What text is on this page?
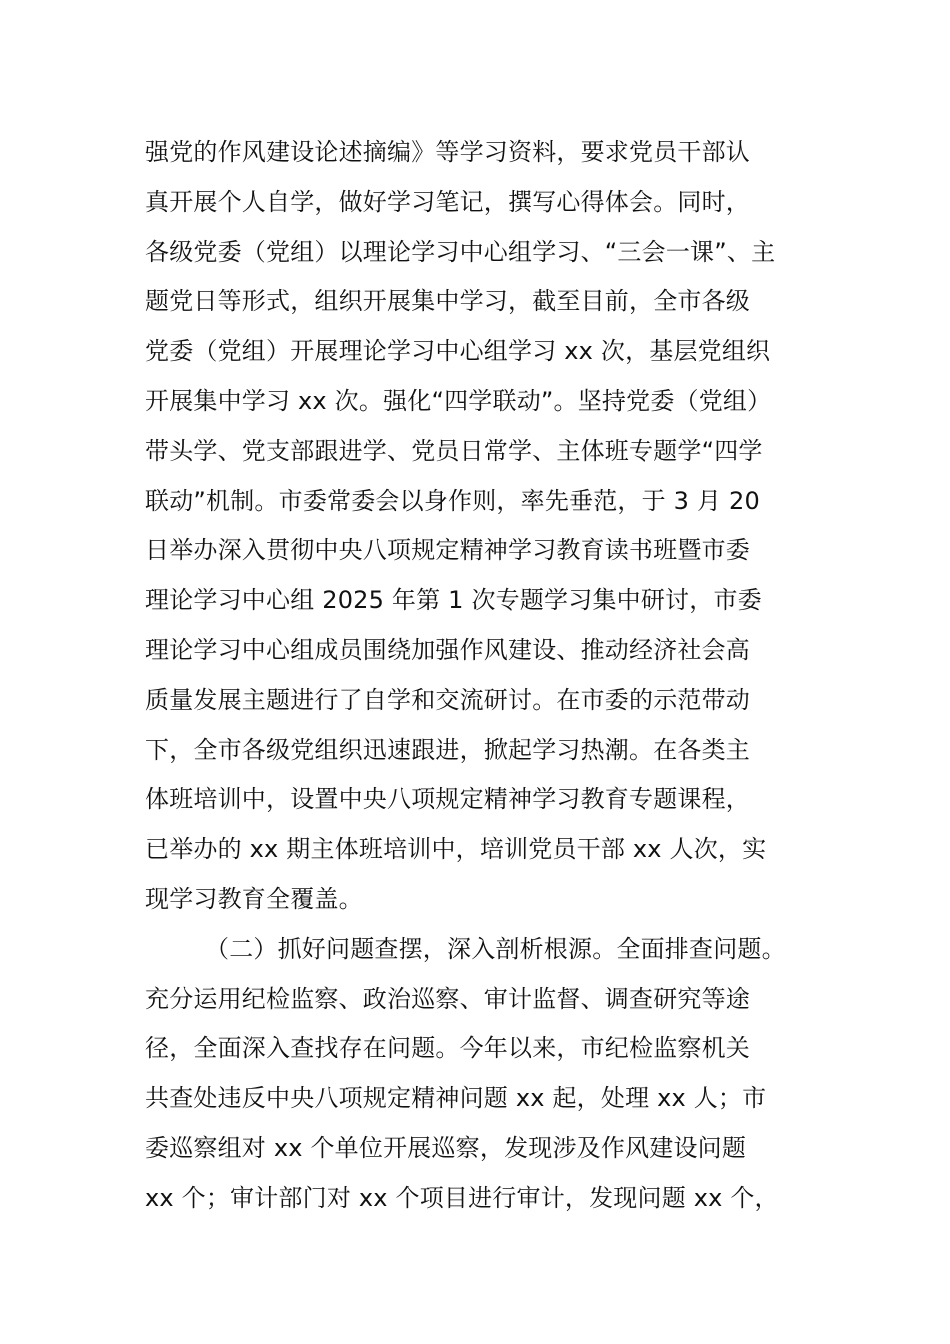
强党的作风建设论述摘编》等学习资料，要求党员干部认
真开展个人自学，做好学习笔记，撰写心得体会。同时，
各级党委（党组）以理论学习中心组学习、“三会一课”、主
题党日等形式，组织开展集中学习，截至目前，全市各级
党委（党组）开展理论学习中心组学习 xx 次，基层党组织
开展集中学习 xx 次。强化“四学联动”。坚持党委（党组）
带头学、党支部跟进学、党员日常学、主体班专题学“四学
联动”机制。市委常委会以身作则，率先垂范，于 3 月 20
日举办深入贯彻中央八项规定精神学习教育读书班暨市委
理论学习中心组 2025 年第 1 次专题学习集中研讨，市委
理论学习中心组成员围绕加强作风建设、推动经济社会高
质量发展主题进行了自学和交流研讨。在市委的示范带动
下，全市各级党组织迅速跟进，掀起学习热潮。在各类主
体班培训中，设置中央八项规定精神学习教育专题课程，
已举办的 xx 期主体班培训中，培训党员干部 xx 人次，实
现学习教育全覆盖。
（二）抓好问题查摆，深入剖析根源。全面排查问题。
充分运用纪检监察、政治巡察、审计监督、调查研究等途
径，全面深入查找存在问题。今年以来，市纪检监察机关
共查处违反中央八项规定精神问题 xx 起，处理 xx 人；市
委巡察组对 xx 个单位开展巡察，发现涉及作风建设问题
xx 个；审计部门对 xx 个项目进行审计，发现问题 xx 个，
